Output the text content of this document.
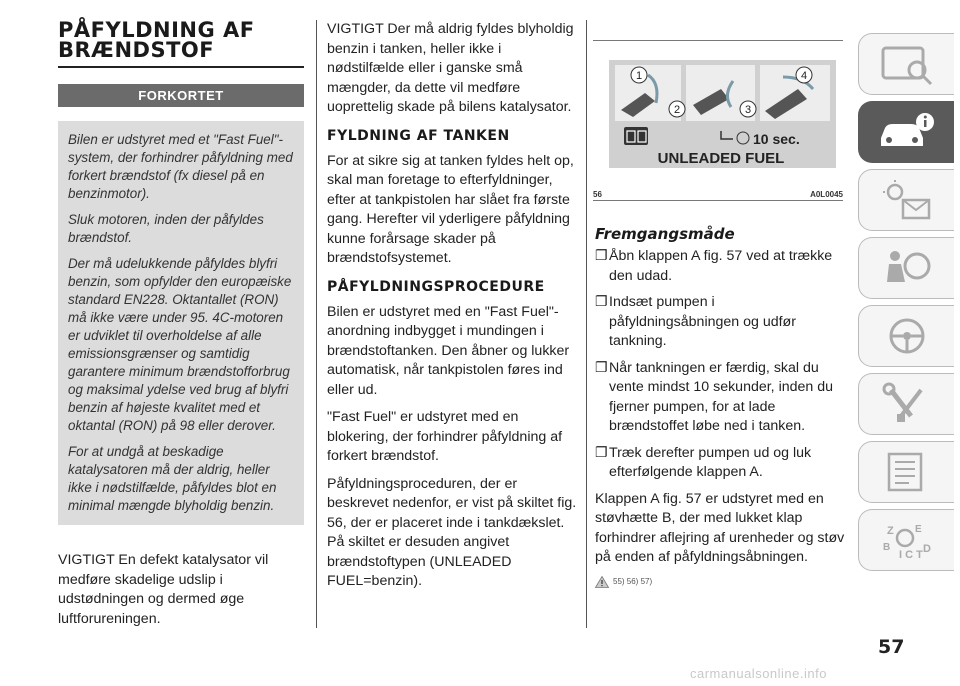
PÅFYLDNING AF
BRÆNDSTOF
FORKORTET

Bilen er udstyret med et "Fast Fuel"-system, der forhindrer påfyldning med forkert brændstof (fx diesel på en benzinmotor).

Sluk motoren, inden der påfyldes brændstof.

Der må udelukkende påfyldes blyfri benzin, som opfylder den europæiske standard EN228. Oktantallet (RON) må ikke være under 95. 4C-motoren er udviklet til overholdelse af alle emissionsgrænser og samtidig garantere minimum brændstofforbrug og maksimal ydelse ved brug af blyfri benzin af højeste kvalitet med et oktantal (RON) på 98 eller derover.

For at undgå at beskadige katalysatoren må der aldrig, heller ikke i nødstilfælde, påfyldes blot en minimal mængde blyholdig benzin.

VIGTIGT En defekt katalysator vil medføre skadelige udslip i udstødningen og dermed øge luftforureningen.

VIGTIGT Der må aldrig fyldes blyholdig benzin i tanken, heller ikke i nødstilfælde eller i ganske små mængder, da dette vil medføre uoprettelig skade på bilens katalysator.

FYLDNING AF TANKEN

For at sikre sig at tanken fyldes helt op, skal man foretage to efterfyldninger, efter at tankpistolen har slået fra første gang. Herefter vil yderligere påfyldning kunne forårsage skader på brændstofsystemet.

PÅFYLDNINGSPROCEDURE

Bilen er udstyret med en "Fast Fuel"-anordning indbygget i mundingen i brændstoftanken. Den åbner og lukker automatisk, når tankpistolen føres ind eller ud.

"Fast Fuel" er udstyret med en blokering, der forhindrer påfyldning af forkert brændstof.

Påfyldningsproceduren, der er beskrevet nedenfor, er vist på skiltet fig. 56, der er placeret inde i tankdækslet. På skiltet er desuden angivet brændstoftypen (UNLEADED FUEL=benzin).

1
2	3
4
10 sec.
UNLEADED FUEL
56	A0L0045
Fremgangsmåde
❐ Åbn klappen A fig. 57 ved at trække den udad.
❐ Indsæt pumpen i påfyldningsåbningen og udfør tankning.
❐ Når tankningen er færdig, skal du vente mindst 10 sekunder, inden du fjerner pumpen, for at lade brændstoffet løbe ned i tanken.
❐ Træk derefter pumpen ud og luk efterfølgende klappen A.

Klappen A fig. 57 er udstyret med en støvhætte B, der med lukket klap forhindrer aflejring af urenheder og støv på enden af påfyldningsåbningen.

55) 56) 57)
Z E
B
I C T D
57
carmanualsonline.info
